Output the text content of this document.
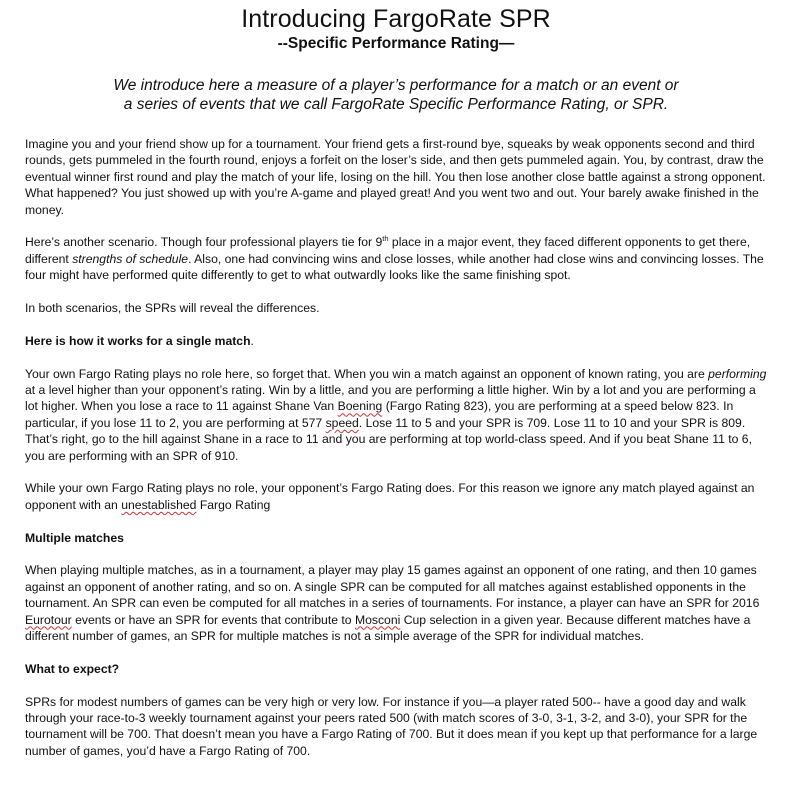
Introducing FargoRate SPR
--Specific Performance Rating—
We introduce here a measure of a player’s performance for a match or an event or
a series of events that we call FargoRate Specific Performance Rating, or SPR.

Imagine you and your friend show up for a tournament. Your friend gets a first-round bye, squeaks by weak opponents second and third rounds, gets pummeled in the fourth round, enjoys a forfeit on the loser’s side, and then gets pummeled again. You, by contrast, draw the eventual winner first round and play the match of your life, losing on the hill. You then lose another close battle against a strong opponent. What happened? You just showed up with you’re A-game and played great! And you went two and out. Your barely awake finished in the money.

Here’s another scenario. Though four professional players tie for 9th place in a major event, they faced different opponents to get there, different strengths of schedule. Also, one had convincing wins and close losses, while another had close wins and convincing losses. The four might have performed quite differently to get to what outwardly looks like the same finishing spot.

In both scenarios, the SPRs will reveal the differences.

Here is how it works for a single match.

Your own Fargo Rating plays no role here, so forget that. When you win a match against an opponent of known rating, you are performing at a level higher than your opponent’s rating. Win by a little, and you are performing a little higher. Win by a lot and you are performing a lot higher. When you lose a race to 11 against Shane Van Boening (Fargo Rating 823), you are performing at a speed below 823. In particular, if you lose 11 to 2, you are performing at 577 speed. Lose 11 to 5 and your SPR is 709. Lose 11 to 10 and your SPR is 809. That’s right, go to the hill against Shane in a race to 11 and you are performing at top world-class speed. And if you beat Shane 11 to 6, you are performing with an SPR of 910.

While your own Fargo Rating plays no role, your opponent’s Fargo Rating does. For this reason we ignore any match played against an opponent with an unestablished Fargo Rating

Multiple matches

When playing multiple matches, as in a tournament, a player may play 15 games against an opponent of one rating, and then 10 games against an opponent of another rating, and so on. A single SPR can be computed for all matches against established opponents in the tournament. An SPR can even be computed for all matches in a series of tournaments. For instance, a player can have an SPR for 2016 Eurotour events or have an SPR for events that contribute to Mosconi Cup selection in a given year. Because different matches have a different number of games, an SPR for multiple matches is not a simple average of the SPR for individual matches.

What to expect?

SPRs for modest numbers of games can be very high or very low. For instance if you—a player rated 500-- have a good day and walk through your race-to-3 weekly tournament against your peers rated 500 (with match scores of 3-0, 3-1, 3-2, and 3-0), your SPR for the tournament will be 700. That doesn’t mean you have a Fargo Rating of 700. But it does mean if you kept up that performance for a large number of games, you’d have a Fargo Rating of 700.
